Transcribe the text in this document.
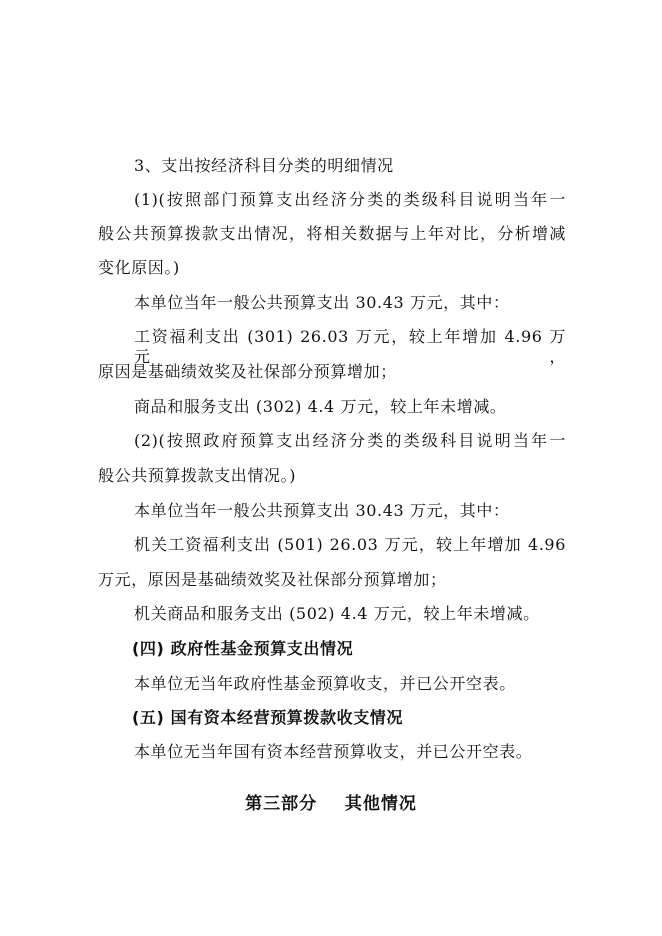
3、支出按经济科目分类的明细情况
(1)(按照部门预算支出经济分类的类级科目说明当年一
般公共预算拨款支出情况，将相关数据与上年对比，分析增减
变化原因。)
本单位当年一般公共预算支出 30.43 万元，其中：
工资福利支出 (301) 26.03 万元，较上年增加 4.96 万元，
原因是基础绩效奖及社保部分预算增加；
商品和服务支出 (302) 4.4 万元，较上年未增减。
(2)(按照政府预算支出经济分类的类级科目说明当年一
般公共预算拨款支出情况。)
本单位当年一般公共预算支出 30.43 万元，其中：
机关工资福利支出 (501) 26.03 万元，较上年增加 4.96
万元，原因是基础绩效奖及社保部分预算增加；
机关商品和服务支出 (502) 4.4 万元，较上年未增减。
(四) 政府性基金预算支出情况
本单位无当年政府性基金预算收支，并已公开空表。
(五) 国有资本经营预算拨款收支情况
本单位无当年国有资本经营预算收支，并已公开空表。
第三部分    其他情况
